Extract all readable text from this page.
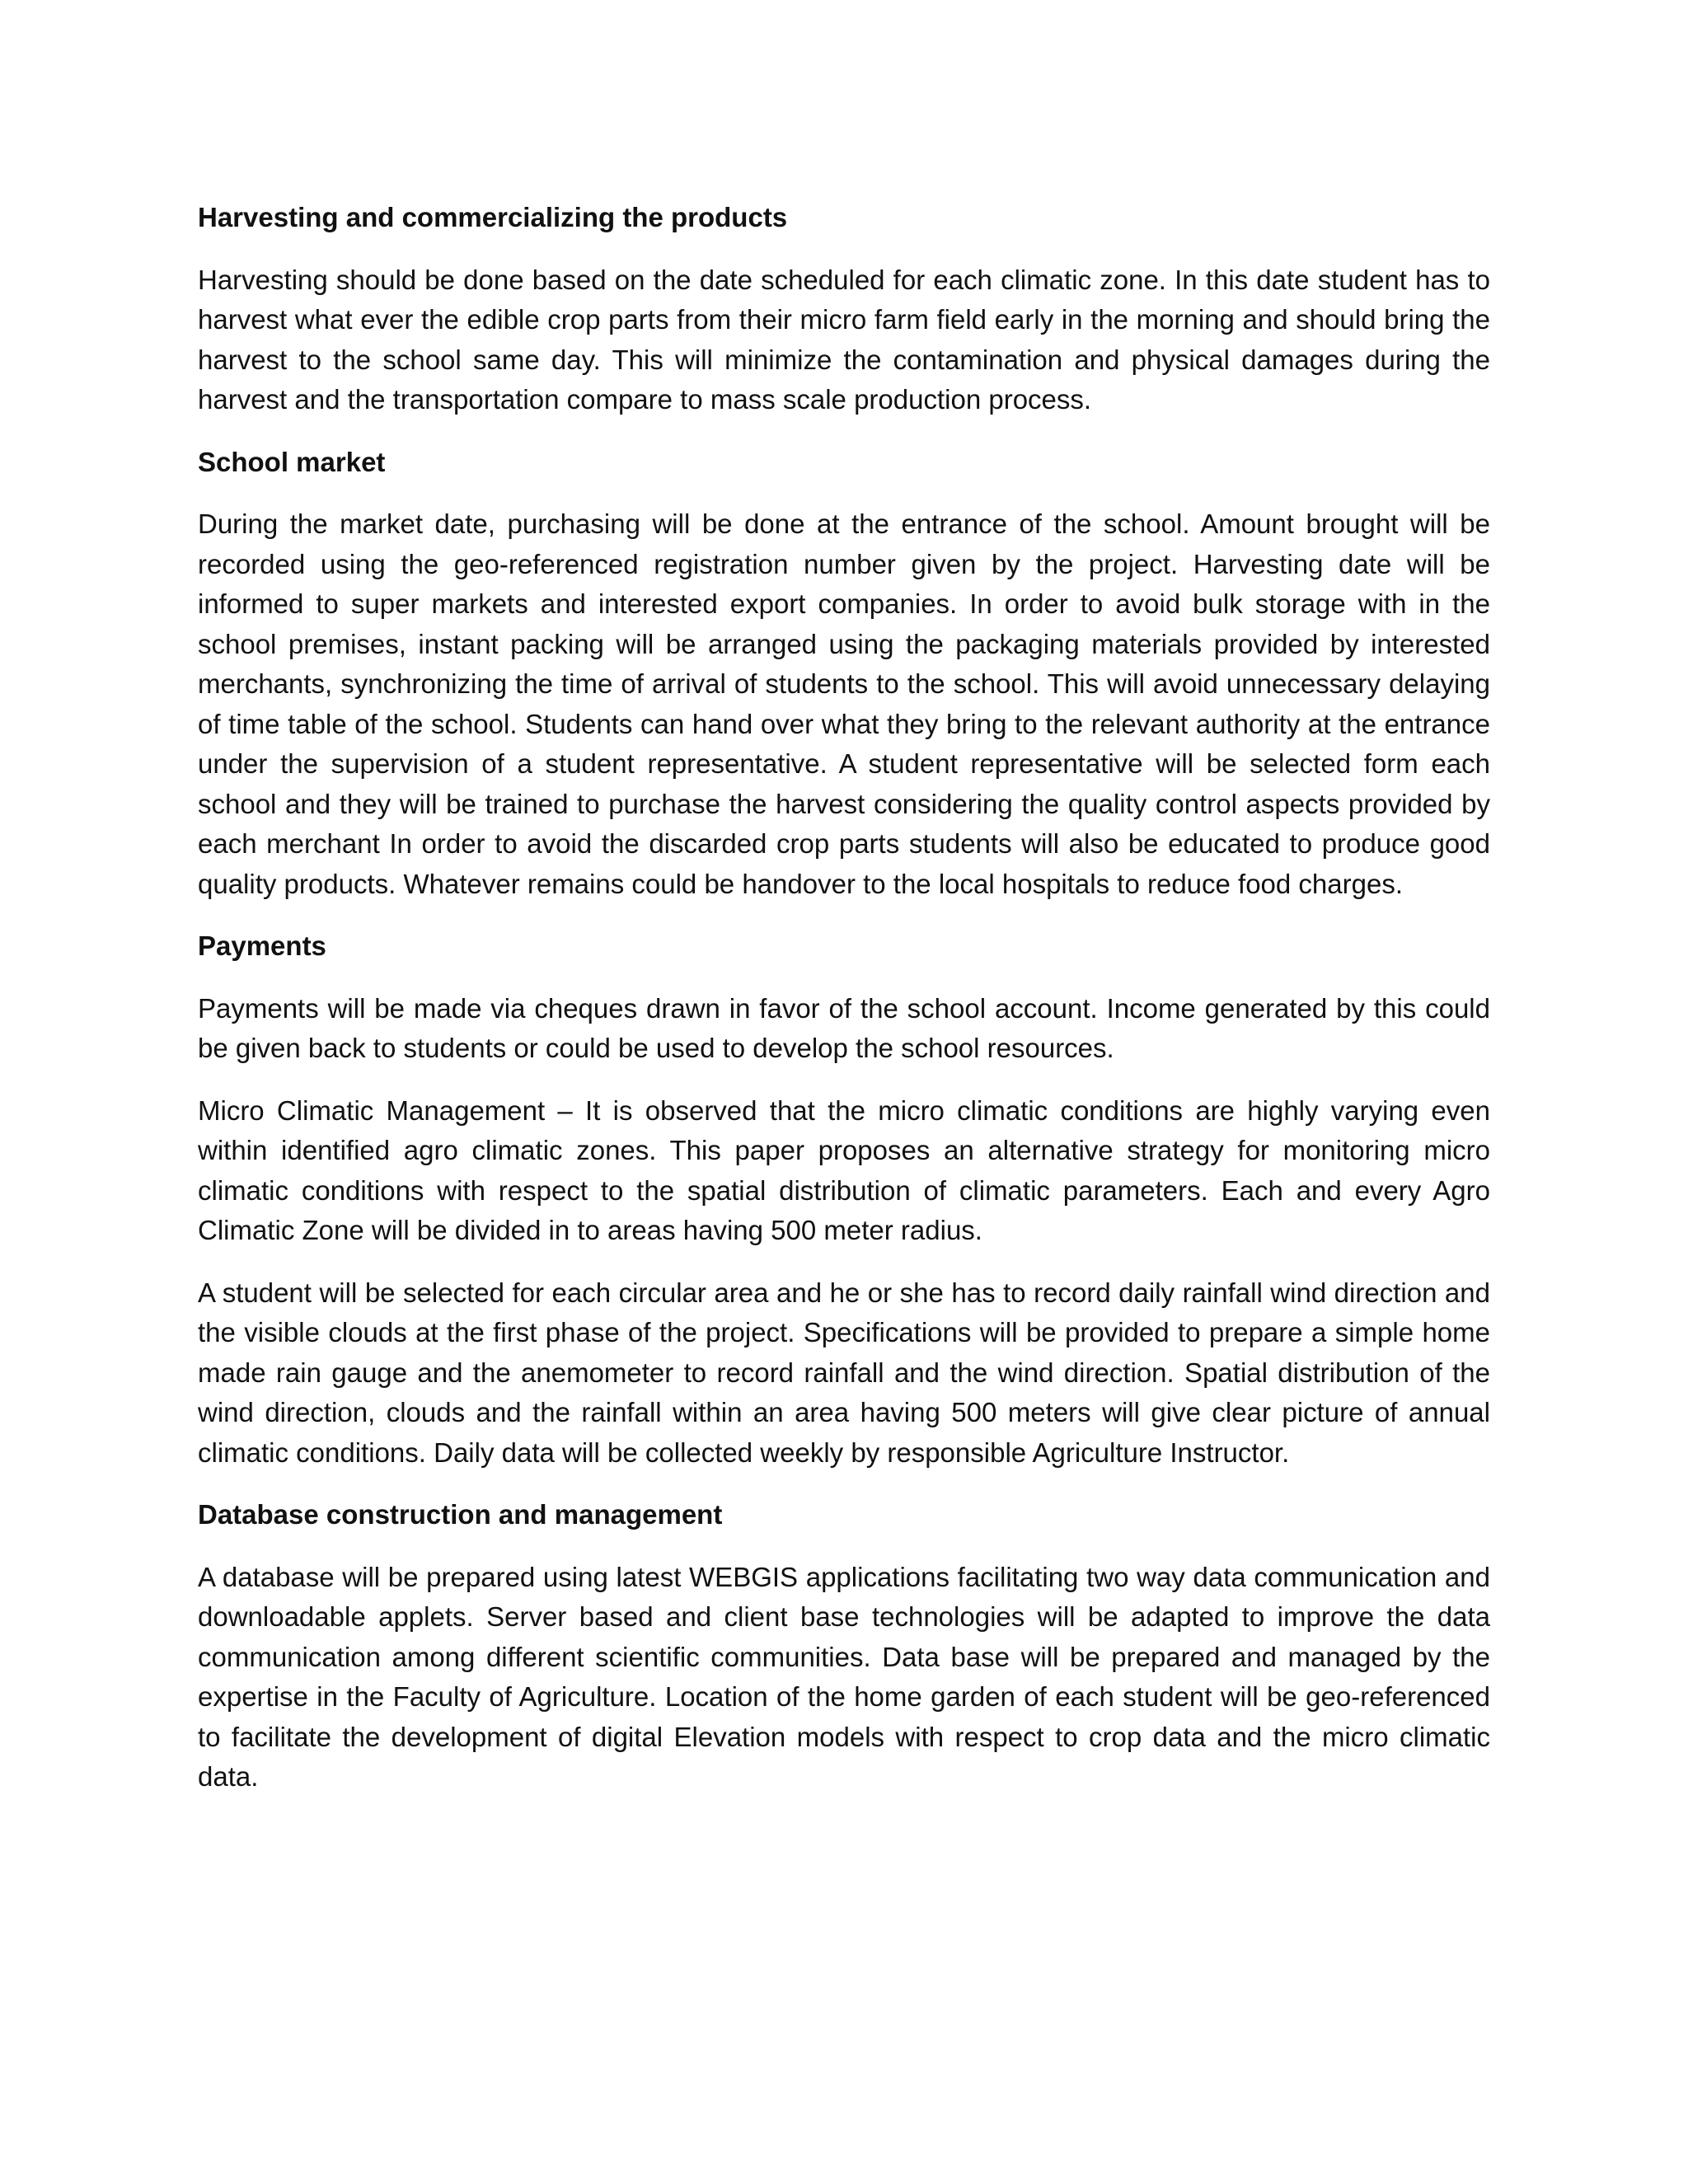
Harvesting and commercializing the products
Harvesting should be done based on the date scheduled for each climatic zone. In this date student has to harvest what ever the edible crop parts from their micro farm field early in the morning and should bring the harvest to the school same day. This will minimize the contamination and physical damages during the harvest and the transportation compare to mass scale production process.
School market
During the market date, purchasing will be done at the entrance of the school. Amount brought will be recorded using the geo-referenced registration number given by the project. Harvesting date will be informed to super markets and interested export companies. In order to avoid bulk storage with in the school premises, instant packing will be arranged using the packaging materials provided by interested merchants, synchronizing the time of arrival of students to the school. This will avoid unnecessary delaying of time table of the school. Students can hand over what they bring to the relevant authority at the entrance under the supervision of a student representative. A student representative will be selected form each school and they will be trained to purchase the harvest considering the quality control aspects provided by each merchant In order to avoid the discarded crop parts students will also be educated to produce good quality products. Whatever remains could be handover to the local hospitals to reduce food charges.
Payments
Payments will be made via cheques drawn in favor of the school account. Income generated by this could be given back to students or could be used to develop the school resources.
Micro Climatic Management – It is observed that the micro climatic conditions are highly varying even within identified agro climatic zones. This paper proposes an alternative strategy for monitoring micro climatic conditions with respect to the spatial distribution of climatic parameters. Each and every Agro Climatic Zone will be divided in to areas having 500 meter radius.
A student will be selected for each circular area and he or she has to record daily rainfall wind direction and the visible clouds at the first phase of the project. Specifications will be provided to prepare a simple home made rain gauge and the anemometer to record rainfall and the wind direction. Spatial distribution of the wind direction, clouds and the rainfall within an area having 500 meters will give clear picture of annual climatic conditions. Daily data will be collected weekly by responsible Agriculture Instructor.
Database construction and management
A database will be prepared using latest WEBGIS applications facilitating two way data communication and downloadable applets. Server based and client base technologies will be adapted to improve the data communication among different scientific communities. Data base will be prepared and managed by the expertise in the Faculty of Agriculture. Location of the home garden of each student will be geo-referenced to facilitate the development of digital Elevation models with respect to crop data and the micro climatic data.
